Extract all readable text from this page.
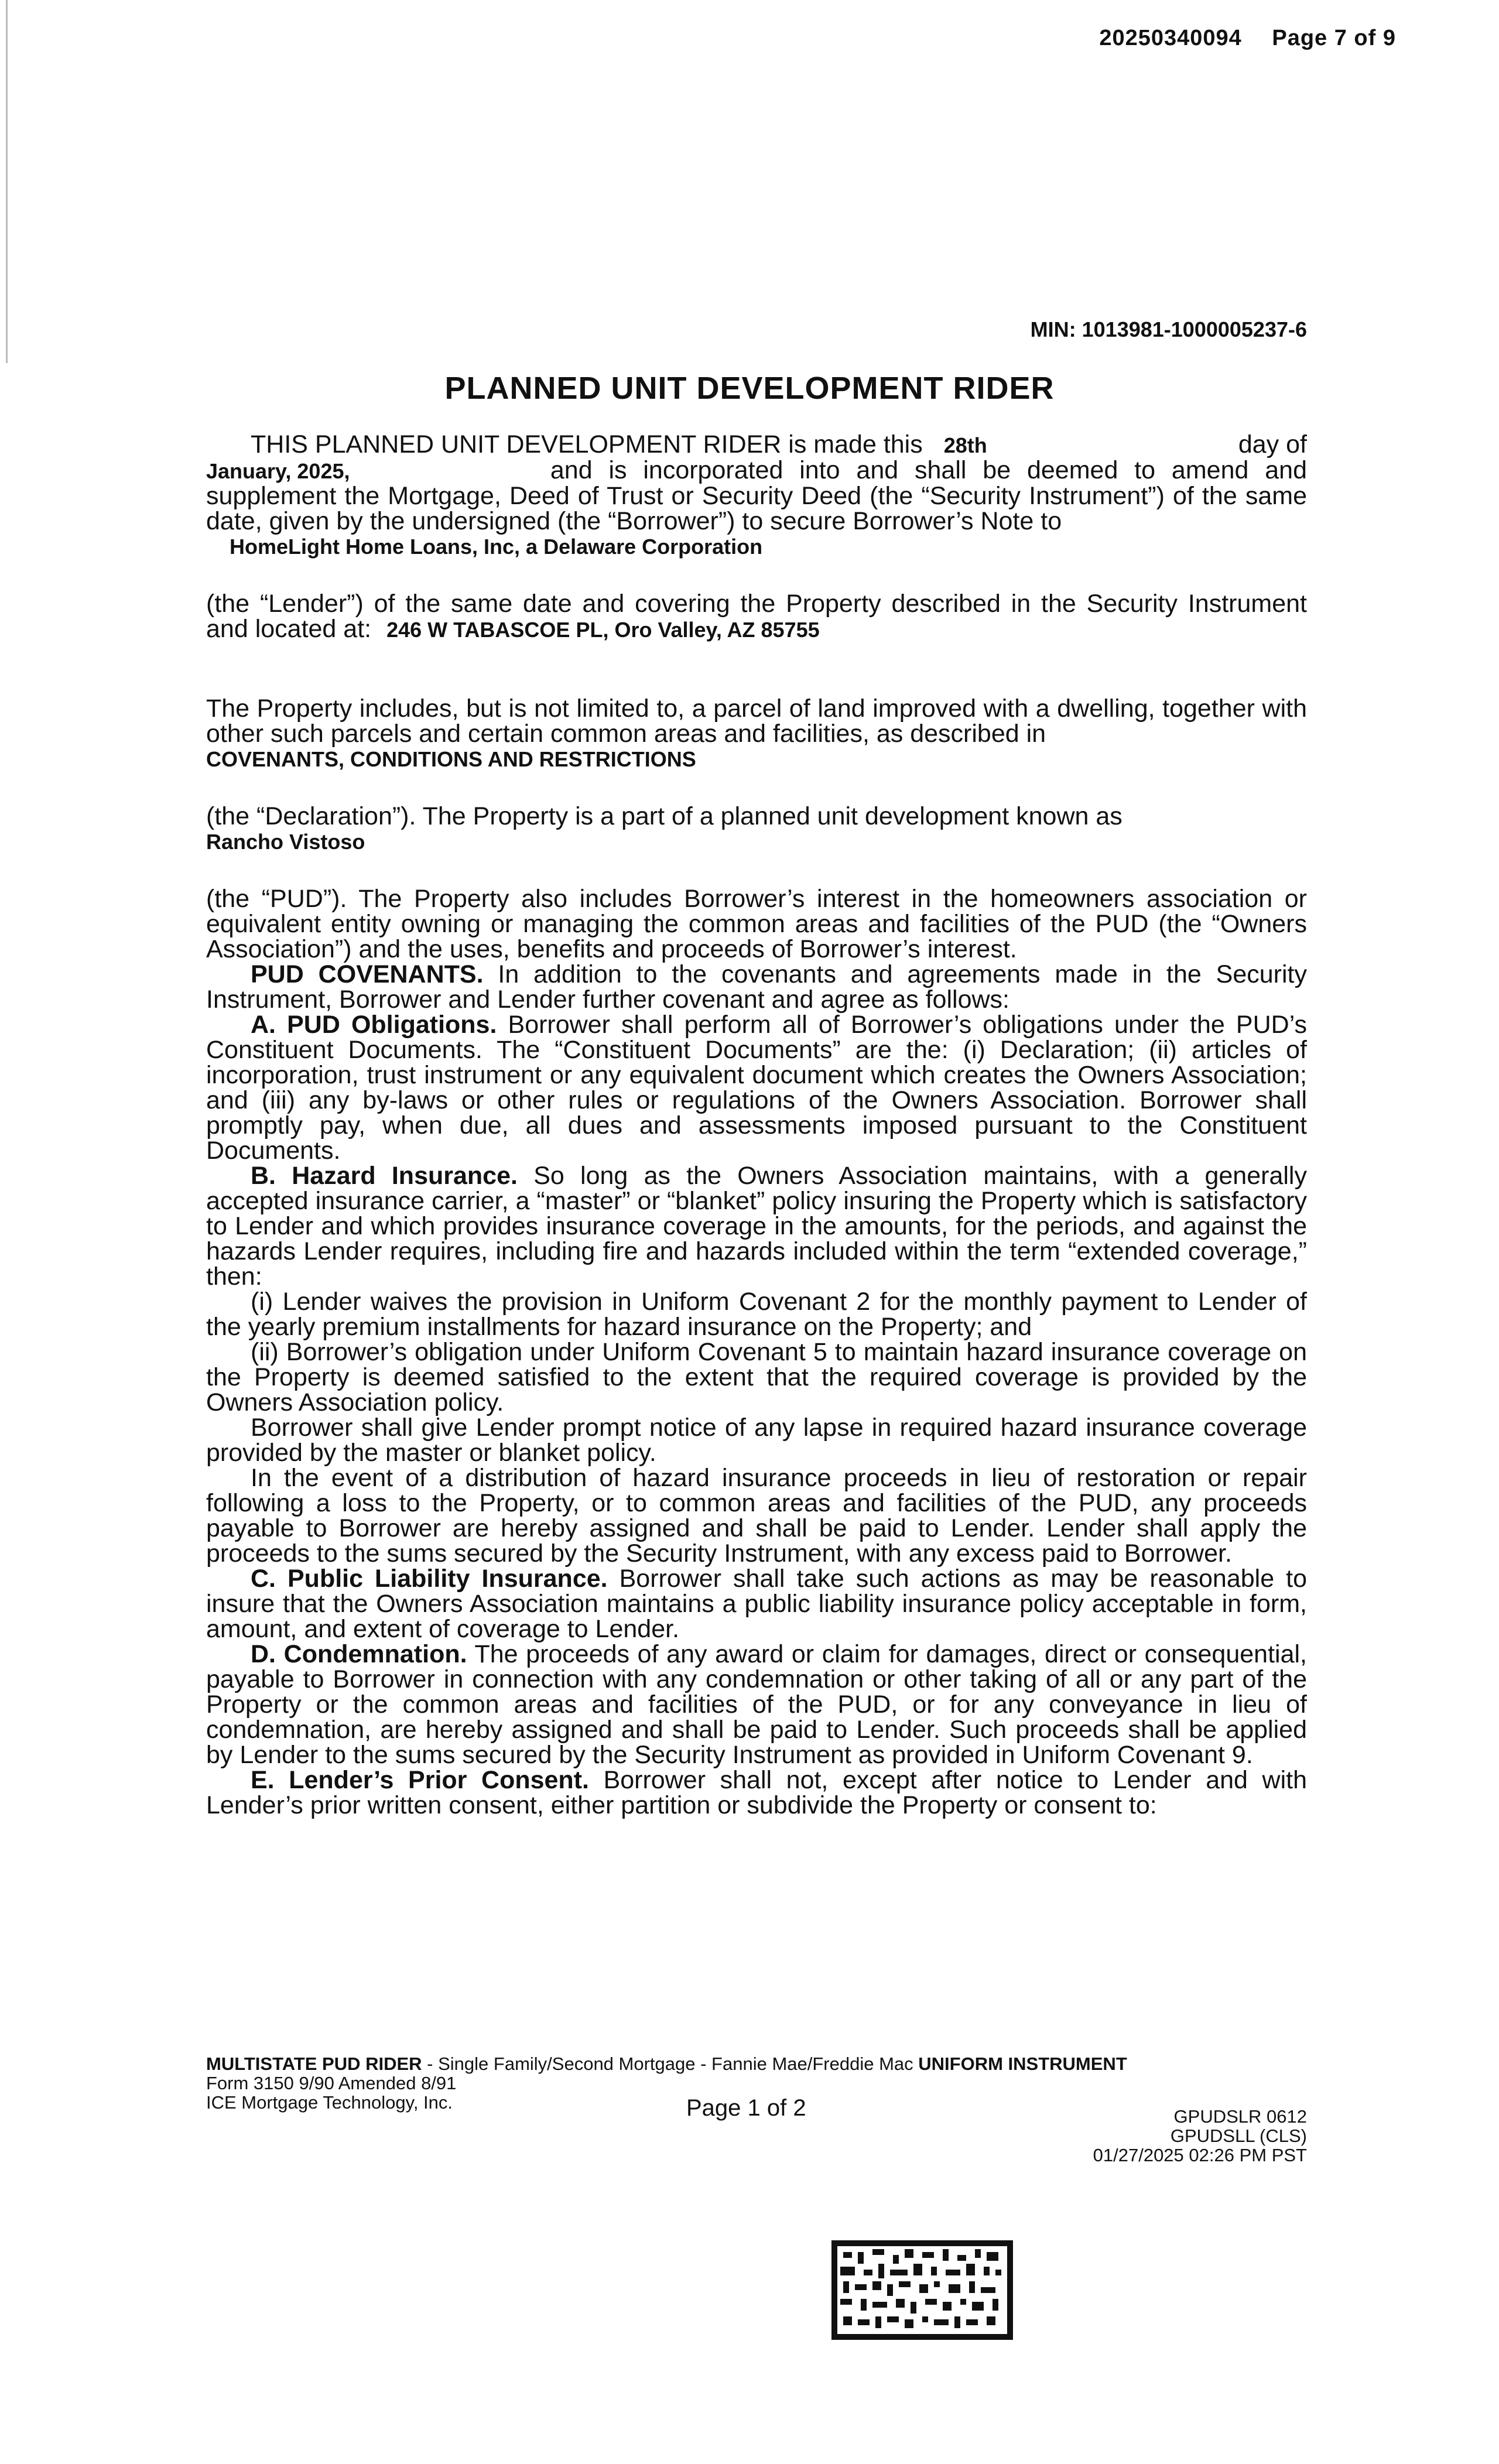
20250340094 Page 7 of 9
MIN: 1013981-1000005237-6
PLANNED UNIT DEVELOPMENT RIDER

THIS PLANNED UNIT DEVELOPMENT RIDER is made this 28th	day of

January, 2025,	and is incorporated into and shall be deemed to amend and supplement the Mortgage, Deed of Trust or Security Deed (the “Security Instrument”) of the same date, given by the undersigned (the “Borrower”) to secure Borrower’s Note to

HomeLight Home Loans, Inc, a Delaware Corporation

(the “Lender”) of the same date and covering the Property described in the Security Instrument and located at: 246 W TABASCOE PL, Oro Valley, AZ 85755

The Property includes, but is not limited to, a parcel of land improved with a dwelling, together with other such parcels and certain common areas and facilities, as described in

COVENANTS, CONDITIONS AND RESTRICTIONS

(the “Declaration”). The Property is a part of a planned unit development known as

Rancho Vistoso

(the “PUD”). The Property also includes Borrower’s interest in the homeowners association or equivalent entity owning or managing the common areas and facilities of the PUD (the “Owners Association”) and the uses, benefits and proceeds of Borrower’s interest.

PUD COVENANTS. In addition to the covenants and agreements made in the Security Instrument, Borrower and Lender further covenant and agree as follows:

A. PUD Obligations. Borrower shall perform all of Borrower’s obligations under the PUD’s Constituent Documents. The “Constituent Documents” are the: (i) Declaration; (ii) articles of incorporation, trust instrument or any equivalent document which creates the Owners Association; and (iii) any by-laws or other rules or regulations of the Owners Association. Borrower shall promptly pay, when due, all dues and assessments imposed pursuant to the Constituent Documents.

B. Hazard Insurance. So long as the Owners Association maintains, with a generally accepted insurance carrier, a “master” or “blanket” policy insuring the Property which is satisfactory to Lender and which provides insurance coverage in the amounts, for the periods, and against the hazards Lender requires, including fire and hazards included within the term “extended coverage,” then:

(i) Lender waives the provision in Uniform Covenant 2 for the monthly payment to Lender of the yearly premium installments for hazard insurance on the Property; and

(ii) Borrower’s obligation under Uniform Covenant 5 to maintain hazard insurance coverage on the Property is deemed satisfied to the extent that the required coverage is provided by the Owners Association policy.

Borrower shall give Lender prompt notice of any lapse in required hazard insurance coverage provided by the master or blanket policy.

In the event of a distribution of hazard insurance proceeds in lieu of restoration or repair following a loss to the Property, or to common areas and facilities of the PUD, any proceeds payable to Borrower are hereby assigned and shall be paid to Lender. Lender shall apply the proceeds to the sums secured by the Security Instrument, with any excess paid to Borrower.

C. Public Liability Insurance. Borrower shall take such actions as may be reasonable to insure that the Owners Association maintains a public liability insurance policy acceptable in form, amount, and extent of coverage to Lender.

D. Condemnation. The proceeds of any award or claim for damages, direct or consequential, payable to Borrower in connection with any condemnation or other taking of all or any part of the Property or the common areas and facilities of the PUD, or for any conveyance in lieu of condemnation, are hereby assigned and shall be paid to Lender. Such proceeds shall be applied by Lender to the sums secured by the Security Instrument as provided in Uniform Covenant 9.

E. Lender’s Prior Consent. Borrower shall not, except after notice to Lender and with Lender’s prior written consent, either partition or subdivide the Property or consent to:

MULTISTATE PUD RIDER - Single Family/Second Mortgage - Fannie Mae/Freddie Mac UNIFORM INSTRUMENT
Form 3150 9/90 Amended 8/91
ICE Mortgage Technology, Inc.	Page 1 of 2	GPUDSLR 0612
GPUDSLL (CLS)
01/27/2025 02:26 PM PST
